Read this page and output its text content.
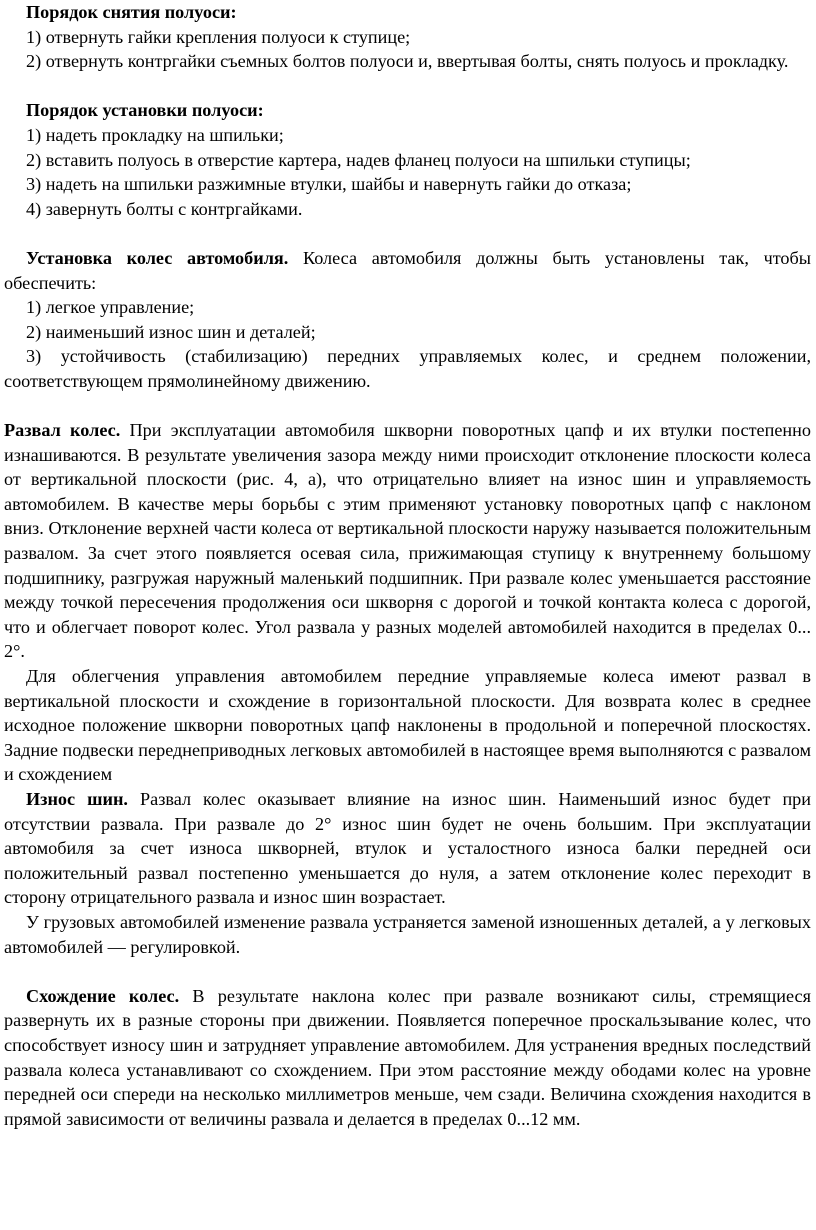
Порядок снятия полуоси:

1) отвернуть гайки крепления полуоси к ступице;

2) отвернуть контргайки съемных болтов полуоси и, ввертывая болты, снять полуось и прокладку.

Порядок установки полуоси:

1) надеть прокладку на шпильки;

2) вставить полуось в отверстие картера, надев фланец полуоси на шпильки ступицы;

3) надеть на шпильки разжимные втулки, шайбы и навернуть гайки до отказа;

4) завернуть болты с контргайками.

Установка колес автомобиля. Колеса автомобиля должны быть установлены так, чтобы обеспечить:

1) легкое управление;

2) наименьший износ шин и деталей;

3) устойчивость (стабилизацию) передних управляемых колес, и среднем положении, соответствующем прямолинейному движению.

Развал колес. При эксплуатации автомобиля шкворни поворотных цапф и их втулки постепенно изнашиваются. В результате увеличения зазора между ними происходит отклонение плоскости колеса от вертикальной плоскости (рис. 4, а), что отрицательно влияет на износ шин и управляемость автомобилем. В качестве меры борьбы с этим применяют установку поворотных цапф с наклоном вниз. Отклонение верхней части колеса от вертикальной плоскости наружу называется положительным развалом. За счет этого появляется осевая сила, прижимающая ступицу к внутреннему большому подшипнику, разгружая наружный маленький подшипник. При развале колес уменьшается расстояние между точкой пересечения продолжения оси шкворня с дорогой и точкой контакта колеса с дорогой, что и облегчает поворот колес. Угол развала у разных моделей автомобилей находится в пределах 0... 2°.

Для облегчения управления автомобилем передние управляемые колеса имеют развал в вертикальной плоскости и схождение в горизонтальной плоскости. Для возврата колес в среднее исходное положение шкворни поворотных цапф наклонены в продольной и поперечной плоскостях. Задние подвески переднеприводных легковых автомобилей в настоящее время выполняются с развалом и схождением

Износ шин. Развал колес оказывает влияние на износ шин. Наименьший износ будет при отсутствии развала. При развале до 2° износ шин будет не очень большим. При эксплуатации автомобиля за счет износа шкворней, втулок и усталостного износа балки передней оси положительный развал постепенно уменьшается до нуля, а затем отклонение колес переходит в сторону отрицательного развала и износ шин возрастает.

У грузовых автомобилей изменение развала устраняется заменой изношенных деталей, а у легковых автомобилей — регулировкой.

Схождение колес. В результате наклона колес при развале возникают силы, стремящиеся развернуть их в разные стороны при движении. Появляется поперечное проскальзывание колес, что способствует износу шин и затрудняет управление автомобилем. Для устранения вредных последствий развала колеса устанавливают со схождением. При этом расстояние между ободами колес на уровне передней оси спереди на несколько миллиметров меньше, чем сзади. Величина схождения находится в прямой зависимости от величины развала и делается в пределах 0...12 мм.
